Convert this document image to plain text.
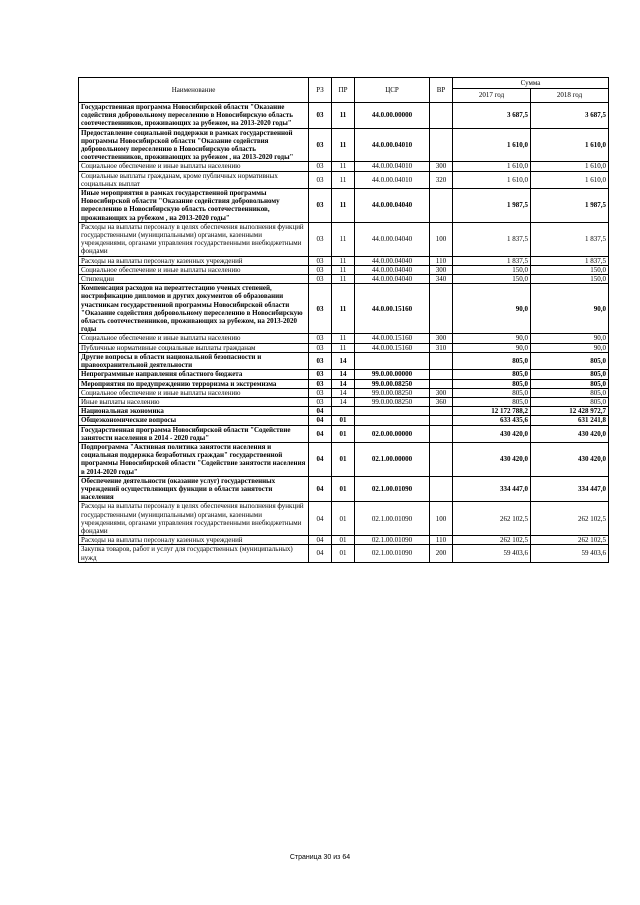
Наименование	РЗ	ПР	ЦСР	ВР	Сумма	
					2017 год	2018 год
Государственная программа Новосибирской области "Оказание содействия добровольному переселению в Новосибирскую область соотечественников, проживающих за рубежом, на 2013-2020 годы"	03	11	44.0.00.00000		3 687,5	3 687,5
Предоставление социальной поддержки в рамках государственной программы Новосибирской области "Оказание содействия добровольному переселению в Новосибирскую область соотечественников, проживающих за рубежом , на 2013-2020 годы"	03	11	44.0.00.04010		1 610,0	1 610,0
Социальное обеспечение и иные выплаты населению	03	11	44.0.00.04010	300	1 610,0	1 610,0
Социальные выплаты гражданам, кроме публичных нормативных социальных выплат	03	11	44.0.00.04010	320	1 610,0	1 610,0
Иные мероприятия в рамках государственной программы Новосибирской области "Оказание содействия добровольному переселению в Новосибирскую область соотечественников, проживающих за рубежом , на 2013-2020 годы"	03	11	44.0.00.04040		1 987,5	1 987,5
Расходы на выплаты персоналу в целях обеспечения выполнения функций государственными (муниципальными) органами, казенными учреждениями, органами управления государственными внебюджетными фондами	03	11	44.0.00.04040	100	1 837,5	1 837,5
Расходы на выплаты персоналу казенных учреждений	03	11	44.0.00.04040	110	1 837,5	1 837,5
Социальное обеспечение и иные выплаты населению	03	11	44.0.00.04040	300	150,0	150,0
Стипендии	03	11	44.0.00.04040	340	150,0	150,0
Компенсация расходов на переаттестацию ученых степеней, нострификацию дипломов и других документов об образовании участникам государственной программы Новосибирской области "Оказание содействия добровольному переселению в Новосибирскую область соотечественников, проживающих за рубежом, на 2013-2020 годы	03	11	44.0.00.15160		90,0	90,0
Социальное обеспечение и иные выплаты населению	03	11	44.0.00.15160	300	90,0	90,0
Публичные нормативные социальные выплаты гражданам	03	11	44.0.00.15160	310	90,0	90,0
Другие вопросы в области национальной безопасности и правоохранительной деятельности	03	14			805,0	805,0
Непрограммные направления областного бюджета	03	14	99.0.00.00000		805,0	805,0
Мероприятия по предупреждению терроризма и экстремизма	03	14	99.0.00.08250		805,0	805,0
Социальное обеспечение и иные выплаты населению	03	14	99.0.00.08250	300	805,0	805,0
Иные выплаты населению	03	14	99.0.00.08250	360	805,0	805,0
Национальная экономика	04				12 172 788,2	12 428 972,7
Общеэкономические вопросы	04	01			633 435,6	631 241,8
Государственная программа Новосибирской области "Содействие занятости населения в 2014 - 2020 годы"	04	01	02.0.00.00000		430 420,0	430 420,0
Подпрограмма "Активная политика занятости населения и социальная поддержка безработных граждан" государственной программы Новосибирской области "Содействие занятости населения в 2014-2020 годы"	04	01	02.1.00.00000		430 420,0	430 420,0
Обеспечение деятельности (оказание услуг) государственных учреждений осуществляющих функции в области занятости населения	04	01	02.1.00.01090		334 447,0	334 447,0
Расходы на выплаты персоналу в целях обеспечения выполнения функций государственными (муниципальными) органами, казенными учреждениями, органами управления государственными внебюджетными фондами	04	01	02.1.00.01090	100	262 102,5	262 102,5
Расходы на выплаты персоналу казенных учреждений	04	01	02.1.00.01090	110	262 102,5	262 102,5
Закупка товаров, работ и услуг для государственных (муниципальных) нужд	04	01	02.1.00.01090	200	59 403,6	59 403,6
Страница 30 из 64
